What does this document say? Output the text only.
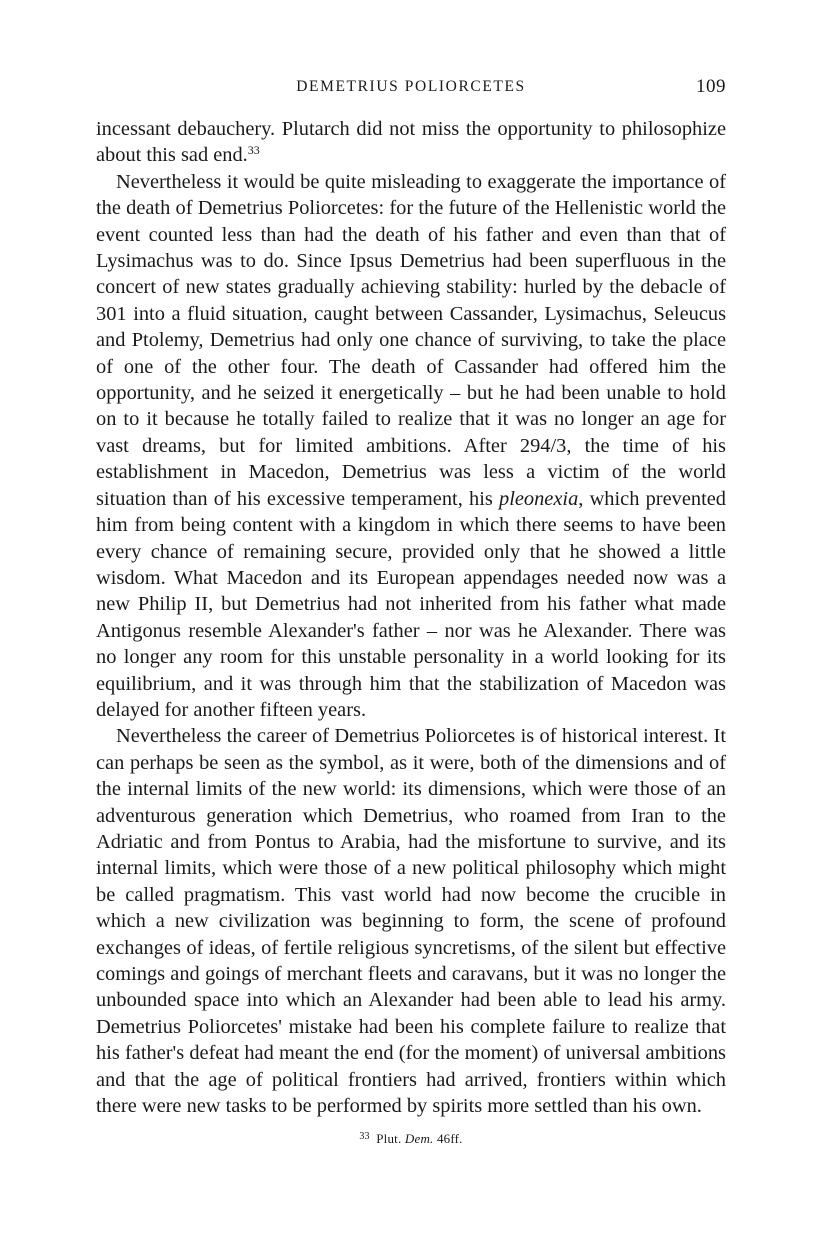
DEMETRIUS POLIORCETES	109

incessant debauchery. Plutarch did not miss the opportunity to philosophize about this sad end.$^{33}$

Nevertheless it would be quite misleading to exaggerate the importance of the death of Demetrius Poliorcetes: for the future of the Hellenistic world the event counted less than had the death of his father and even than that of Lysimachus was to do. Since Ipsus Demetrius had been superfluous in the concert of new states gradually achieving stability: hurled by the debacle of 301 into a fluid situation, caught between Cassander, Lysimachus, Seleucus and Ptolemy, Demetrius had only one chance of surviving, to take the place of one of the other four. The death of Cassander had offered him the opportunity, and he seized it energetically – but he had been unable to hold on to it because he totally failed to realize that it was no longer an age for vast dreams, but for limited ambitions. After 294/3, the time of his establishment in Macedon, Demetrius was less a victim of the world situation than of his excessive temperament, his pleonexia, which prevented him from being content with a kingdom in which there seems to have been every chance of remaining secure, provided only that he showed a little wisdom. What Macedon and its European appendages needed now was a new Philip II, but Demetrius had not inherited from his father what made Antigonus resemble Alexander's father – nor was he Alexander. There was no longer any room for this unstable personality in a world looking for its equilibrium, and it was through him that the stabilization of Macedon was delayed for another fifteen years.

Nevertheless the career of Demetrius Poliorcetes is of historical interest. It can perhaps be seen as the symbol, as it were, both of the dimensions and of the internal limits of the new world: its dimensions, which were those of an adventurous generation which Demetrius, who roamed from Iran to the Adriatic and from Pontus to Arabia, had the misfortune to survive, and its internal limits, which were those of a new political philosophy which might be called pragmatism. This vast world had now become the crucible in which a new civilization was beginning to form, the scene of profound exchanges of ideas, of fertile religious syncretisms, of the silent but effective comings and goings of merchant fleets and caravans, but it was no longer the unbounded space into which an Alexander had been able to lead his army. Demetrius Poliorcetes' mistake had been his complete failure to realize that his father's defeat had meant the end (for the moment) of universal ambitions and that the age of political frontiers had arrived, frontiers within which there were new tasks to be performed by spirits more settled than his own.

$^{33}$ Plut. Dem. 46ff.
